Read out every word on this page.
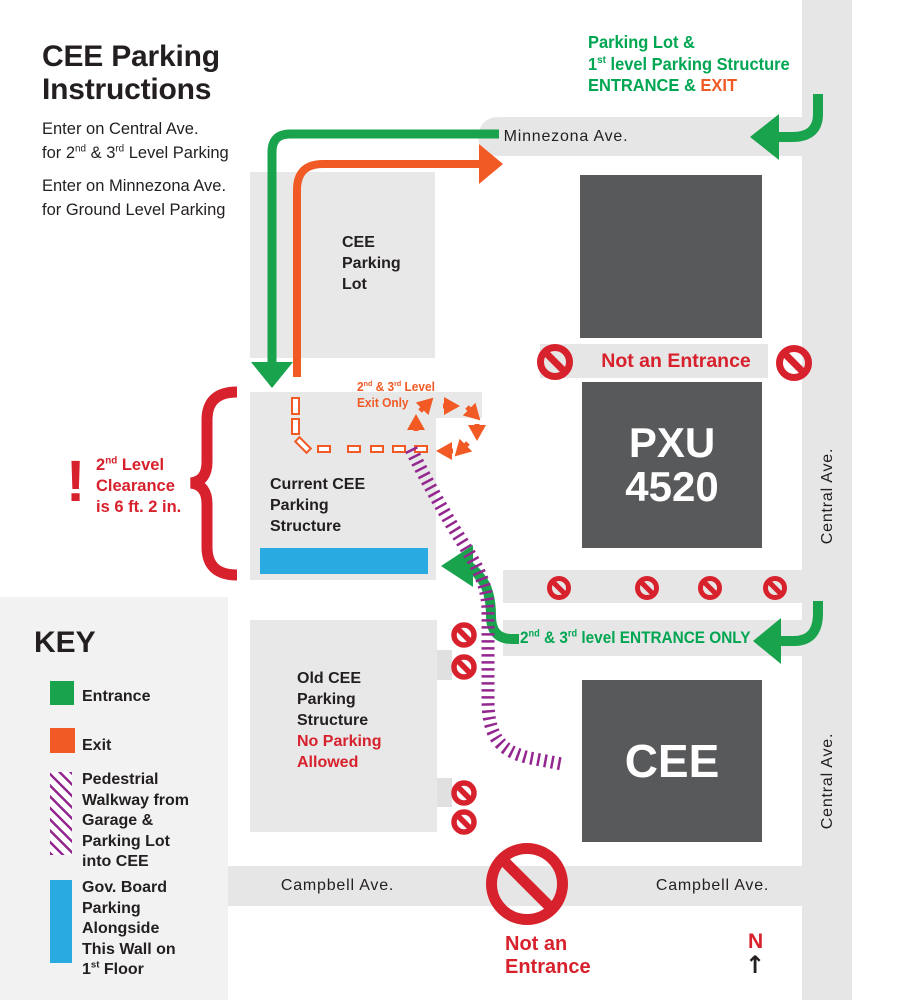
PXU
4520
CEE
CEE Parking
Instructions

Enter on Central Ave.
for 2nd & 3rd Level Parking

Enter on Minnezona Ave.
for Ground Level Parking

Parking Lot &
1st level Parking Structure
ENTRANCE & EXIT
Minnezona Ave.
Campbell Ave.	Campbell Ave.
Central Ave.
Central Ave.
CEE
Parking
Lot
Current CEE
Parking
Structure
Old CEE
Parking
Structure
No Parking
Allowed
Not an Entrance
2nd & 3rd Level
Exit Only
2nd & 3rd level ENTRANCE ONLY
! 2nd Level
Clearance
is 6 ft. 2 in.
Not an
Entrance
N
↑
KEY
Entrance
Exit
Pedestrial
Walkway from
Garage &
Parking Lot
into CEE
Gov. Board
Parking
Alongside
This Wall on
1st Floor
